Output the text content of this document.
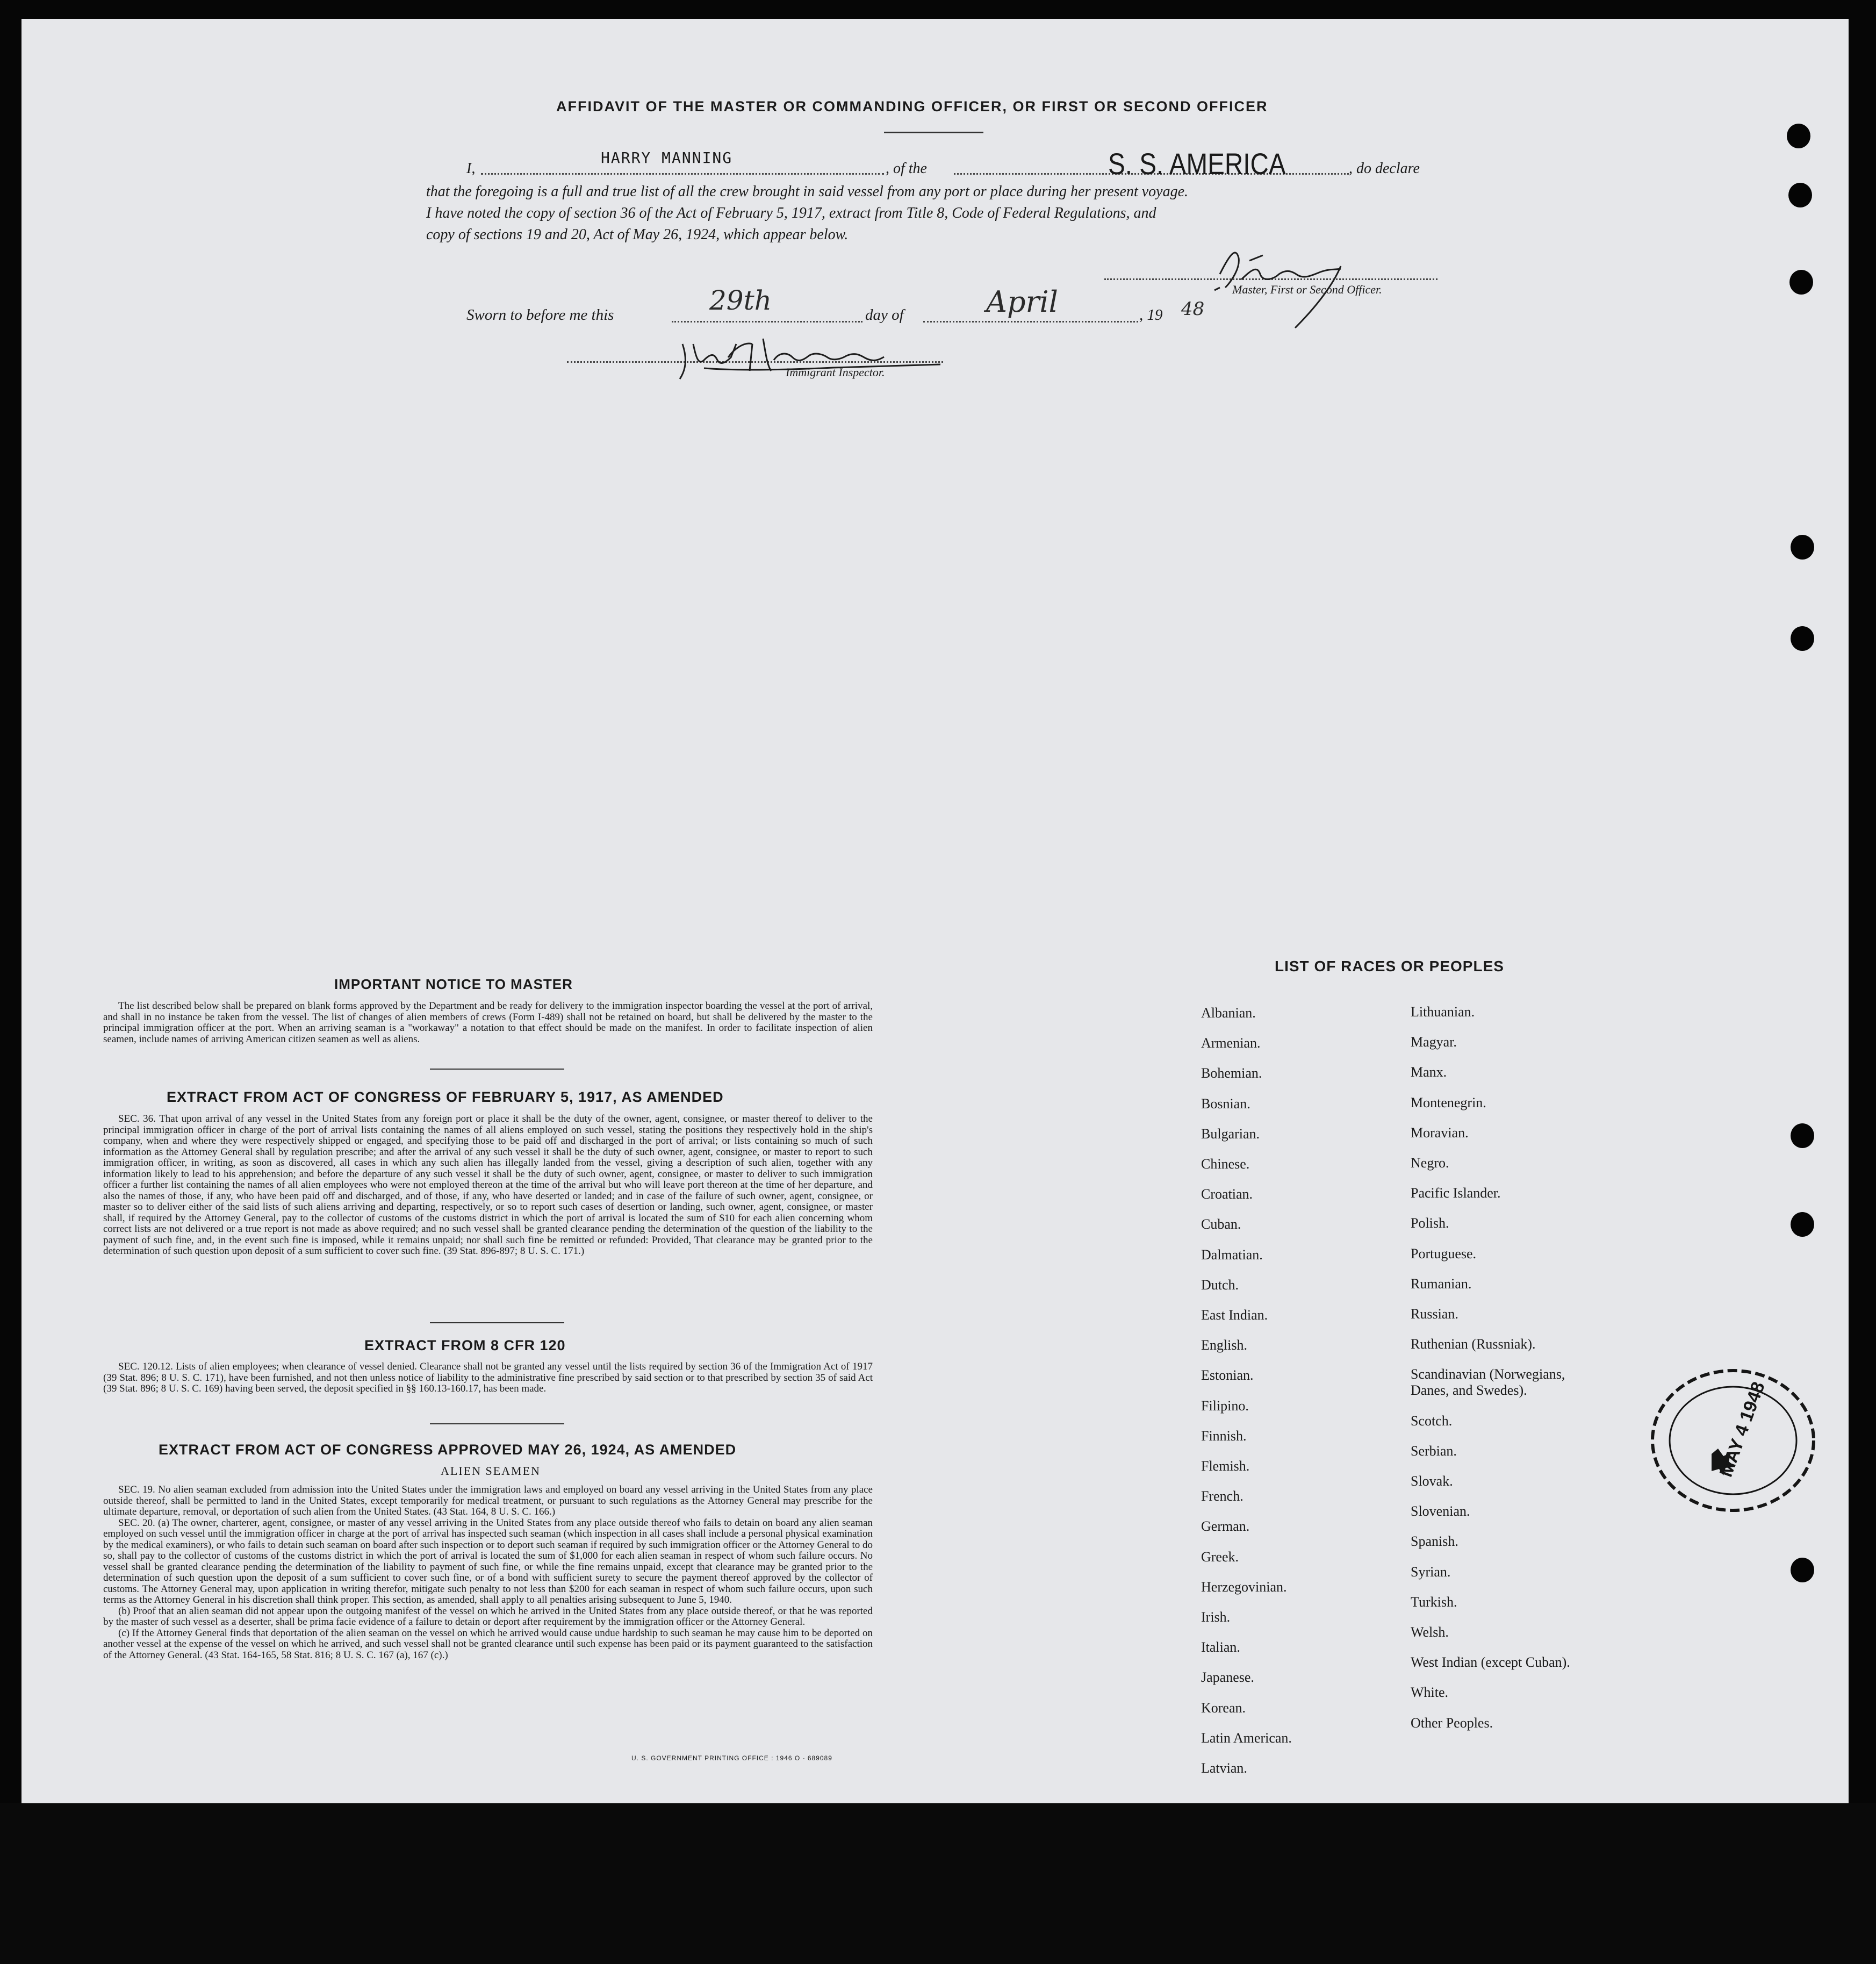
AFFIDAVIT OF THE MASTER OR COMMANDING OFFICER, OR FIRST OR SECOND OFFICER
I,
HARRY MANNING
, of the	S. S. AMERICA	, do declare
that the foregoing is a full and true list of all the crew brought in said vessel from any port or place during her present voyage.
I have noted the copy of section 36 of the Act of February 5, 1917, extract from Title 8, Code of Federal Regulations, and
copy of sections 19 and 20, Act of May 26, 1924, which appear below.
Master, First or Second Officer.
Sworn to before me this	29th	day of	April	, 19 48
Immigrant Inspector.
IMPORTANT NOTICE TO MASTER

The list described below shall be prepared on blank forms approved by the Department and be ready for delivery to the immigration inspector boarding the vessel at the port of arrival, and shall in no instance be taken from the vessel. The list of changes of alien members of crews (Form I-489) shall not be retained on board, but shall be delivered by the master to the principal immigration officer at the port. When an arriving seaman is a "workaway" a notation to that effect should be made on the manifest. In order to facilitate inspection of alien seamen, include names of arriving American citizen seamen as well as aliens.

EXTRACT FROM ACT OF CONGRESS OF FEBRUARY 5, 1917, AS AMENDED

SEC. 36. That upon arrival of any vessel in the United States from any foreign port or place it shall be the duty of the owner, agent, consignee, or master thereof to deliver to the principal immigration officer in charge of the port of arrival lists containing the names of all aliens employed on such vessel, stating the positions they respectively hold in the ship's company, when and where they were respectively shipped or engaged, and specifying those to be paid off and discharged in the port of arrival; or lists containing so much of such information as the Attorney General shall by regulation prescribe; and after the arrival of any such vessel it shall be the duty of such owner, agent, consignee, or master to report to such immigration officer, in writing, as soon as discovered, all cases in which any such alien has illegally landed from the vessel, giving a description of such alien, together with any information likely to lead to his apprehension; and before the departure of any such vessel it shall be the duty of such owner, agent, consignee, or master to deliver to such immigration officer a further list containing the names of all alien employees who were not employed thereon at the time of the arrival but who will leave port thereon at the time of her departure, and also the names of those, if any, who have been paid off and discharged, and of those, if any, who have deserted or landed; and in case of the failure of such owner, agent, consignee, or master so to deliver either of the said lists of such aliens arriving and departing, respectively, or so to report such cases of desertion or landing, such owner, agent, consignee, or master shall, if required by the Attorney General, pay to the collector of customs of the customs district in which the port of arrival is located the sum of $10 for each alien concerning whom correct lists are not delivered or a true report is not made as above required; and no such vessel shall be granted clearance pending the determination of the question of the liability to the payment of such fine, and, in the event such fine is imposed, while it remains unpaid; nor shall such fine be remitted or refunded: Provided, That clearance may be granted prior to the determination of such question upon deposit of a sum sufficient to cover such fine. (39 Stat. 896-897; 8 U. S. C. 171.)

EXTRACT FROM 8 CFR 120

SEC. 120.12. Lists of alien employees; when clearance of vessel denied. Clearance shall not be granted any vessel until the lists required by section 36 of the Immigration Act of 1917 (39 Stat. 896; 8 U. S. C. 171), have been furnished, and not then unless notice of liability to the administrative fine prescribed by said section or to that prescribed by section 35 of said Act (39 Stat. 896; 8 U. S. C. 169) having been served, the deposit specified in §§ 160.13-160.17, has been made.

EXTRACT FROM ACT OF CONGRESS APPROVED MAY 26, 1924, AS AMENDED
ALIEN SEAMEN

SEC. 19. No alien seaman excluded from admission into the United States under the immigration laws and employed on board any vessel arriving in the United States from any place outside thereof, shall be permitted to land in the United States, except temporarily for medical treatment, or pursuant to such regulations as the Attorney General may prescribe for the ultimate departure, removal, or deportation of such alien from the United States. (43 Stat. 164, 8 U. S. C. 166.)

SEC. 20. (a) The owner, charterer, agent, consignee, or master of any vessel arriving in the United States from any place outside thereof who fails to detain on board any alien seaman employed on such vessel until the immigration officer in charge at the port of arrival has inspected such seaman (which inspection in all cases shall include a personal physical examination by the medical examiners), or who fails to detain such seaman on board after such inspection or to deport such seaman if required by such immigration officer or the Attorney General to do so, shall pay to the collector of customs of the customs district in which the port of arrival is located the sum of $1,000 for each alien seaman in respect of whom such failure occurs. No vessel shall be granted clearance pending the determination of the liability to payment of such fine, or while the fine remains unpaid, except that clearance may be granted prior to the determination of such question upon the deposit of a sum sufficient to cover such fine, or of a bond with sufficient surety to secure the payment thereof approved by the collector of customs. The Attorney General may, upon application in writing therefor, mitigate such penalty to not less than $200 for each seaman in respect of whom such failure occurs, upon such terms as the Attorney General in his discretion shall think proper. This section, as amended, shall apply to all penalties arising subsequent to June 5, 1940.

(b) Proof that an alien seaman did not appear upon the outgoing manifest of the vessel on which he arrived in the United States from any place outside thereof, or that he was reported by the master of such vessel as a deserter, shall be prima facie evidence of a failure to detain or deport after requirement by the immigration officer or the Attorney General.

(c) If the Attorney General finds that deportation of the alien seaman on the vessel on which he arrived would cause undue hardship to such seaman he may cause him to be deported on another vessel at the expense of the vessel on which he arrived, and such vessel shall not be granted clearance until such expense has been paid or its payment guaranteed to the satisfaction of the Attorney General. (43 Stat. 164-165, 58 Stat. 816; 8 U. S. C. 167 (a), 167 (c).)

U. S. GOVERNMENT PRINTING OFFICE : 1946 O - 689089
LIST OF RACES OR PEOPLES
Albanian.
Armenian.
Bohemian.
Bosnian.
Bulgarian.
Chinese.
Croatian.
Cuban.
Dalmatian.
Dutch.
East Indian.
English.
Estonian.
Filipino.
Finnish.
Flemish.
French.
German.
Greek.
Herzegovinian.
Irish.
Italian.
Japanese.
Korean.
Latin American.
Latvian.
Lithuanian.
Magyar.
Manx.
Montenegrin.
Moravian.
Negro.
Pacific Islander.
Polish.
Portuguese.
Rumanian.
Russian.
Ruthenian (Russniak).
Scandinavian (Norwegians,
Danes, and Swedes).
Scotch.
Serbian.
Slovak.
Slovenian.
Spanish.
Syrian.
Turkish.
Welsh.
West Indian (except Cuban).
White.
Other Peoples.
MAY 4 1948
